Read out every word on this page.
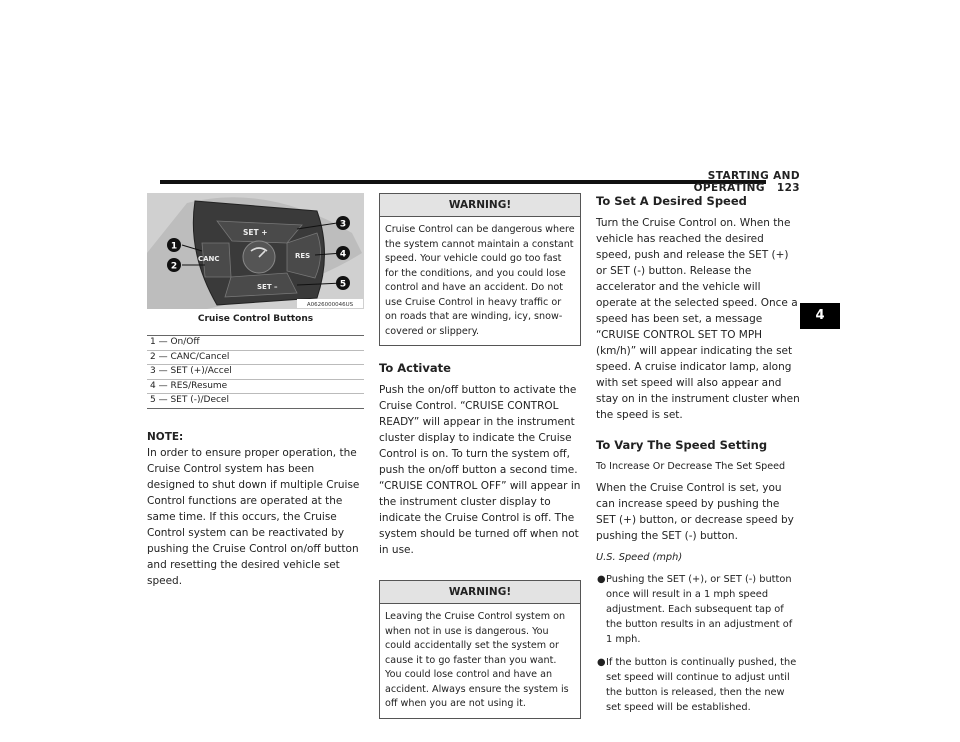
STARTING AND OPERATING 123
4
SET +
CANC	RES
SET –
1
2
3
4
5
A0626000046US
Cruise Control Buttons
1 — On/Off
2 — CANC/Cancel
3 — SET (+)/Accel
4 — RES/Resume
5 — SET (-)/Decel
NOTE:

In order to ensure proper operation, the Cruise Control system has been designed to shut down if multiple Cruise Control functions are operated at the same time. If this occurs, the Cruise Control system can be reactivated by pushing the Cruise Control on/off button and resetting the desired vehicle set speed.

WARNING!
Cruise Control can be dangerous where the system cannot maintain a constant speed. Your vehicle could go too fast for the conditions, and you could lose control and have an accident. Do not use Cruise Control in heavy traffic or on roads that are winding, icy, snow-covered or slippery.
To Activate

Push the on/off button to activate the Cruise Control. “CRUISE CONTROL READY” will appear in the instrument cluster display to indicate the Cruise Control is on. To turn the system off, push the on/off button a second time. “CRUISE CONTROL OFF” will appear in the instrument cluster display to indicate the Cruise Control is off. The system should be turned off when not in use.

WARNING!
Leaving the Cruise Control system on when not in use is dangerous. You could accidentally set the system or cause it to go faster than you want. You could lose control and have an accident. Always ensure the system is off when you are not using it.
To Set A Desired Speed

Turn the Cruise Control on. When the vehicle has reached the desired speed, push and release the SET (+) or SET (-) button. Release the accelerator and the vehicle will operate at the selected speed. Once a speed has been set, a message “CRUISE CONTROL SET TO MPH (km/h)” will appear indicating the set speed. A cruise indicator lamp, along with set speed will also appear and stay on in the instrument cluster when the speed is set.

To Vary The Speed Setting
To Increase Or Decrease The Set Speed

When the Cruise Control is set, you can increase speed by pushing the SET (+) button, or decrease speed by pushing the SET (-) button.

U.S. Speed (mph)
● Pushing the SET (+), or SET (-) button once will result in a 1 mph speed adjustment. Each subsequent tap of the button results in an adjustment of 1 mph.
● If the button is continually pushed, the set speed will continue to adjust until the button is released, then the new set speed will be established.
